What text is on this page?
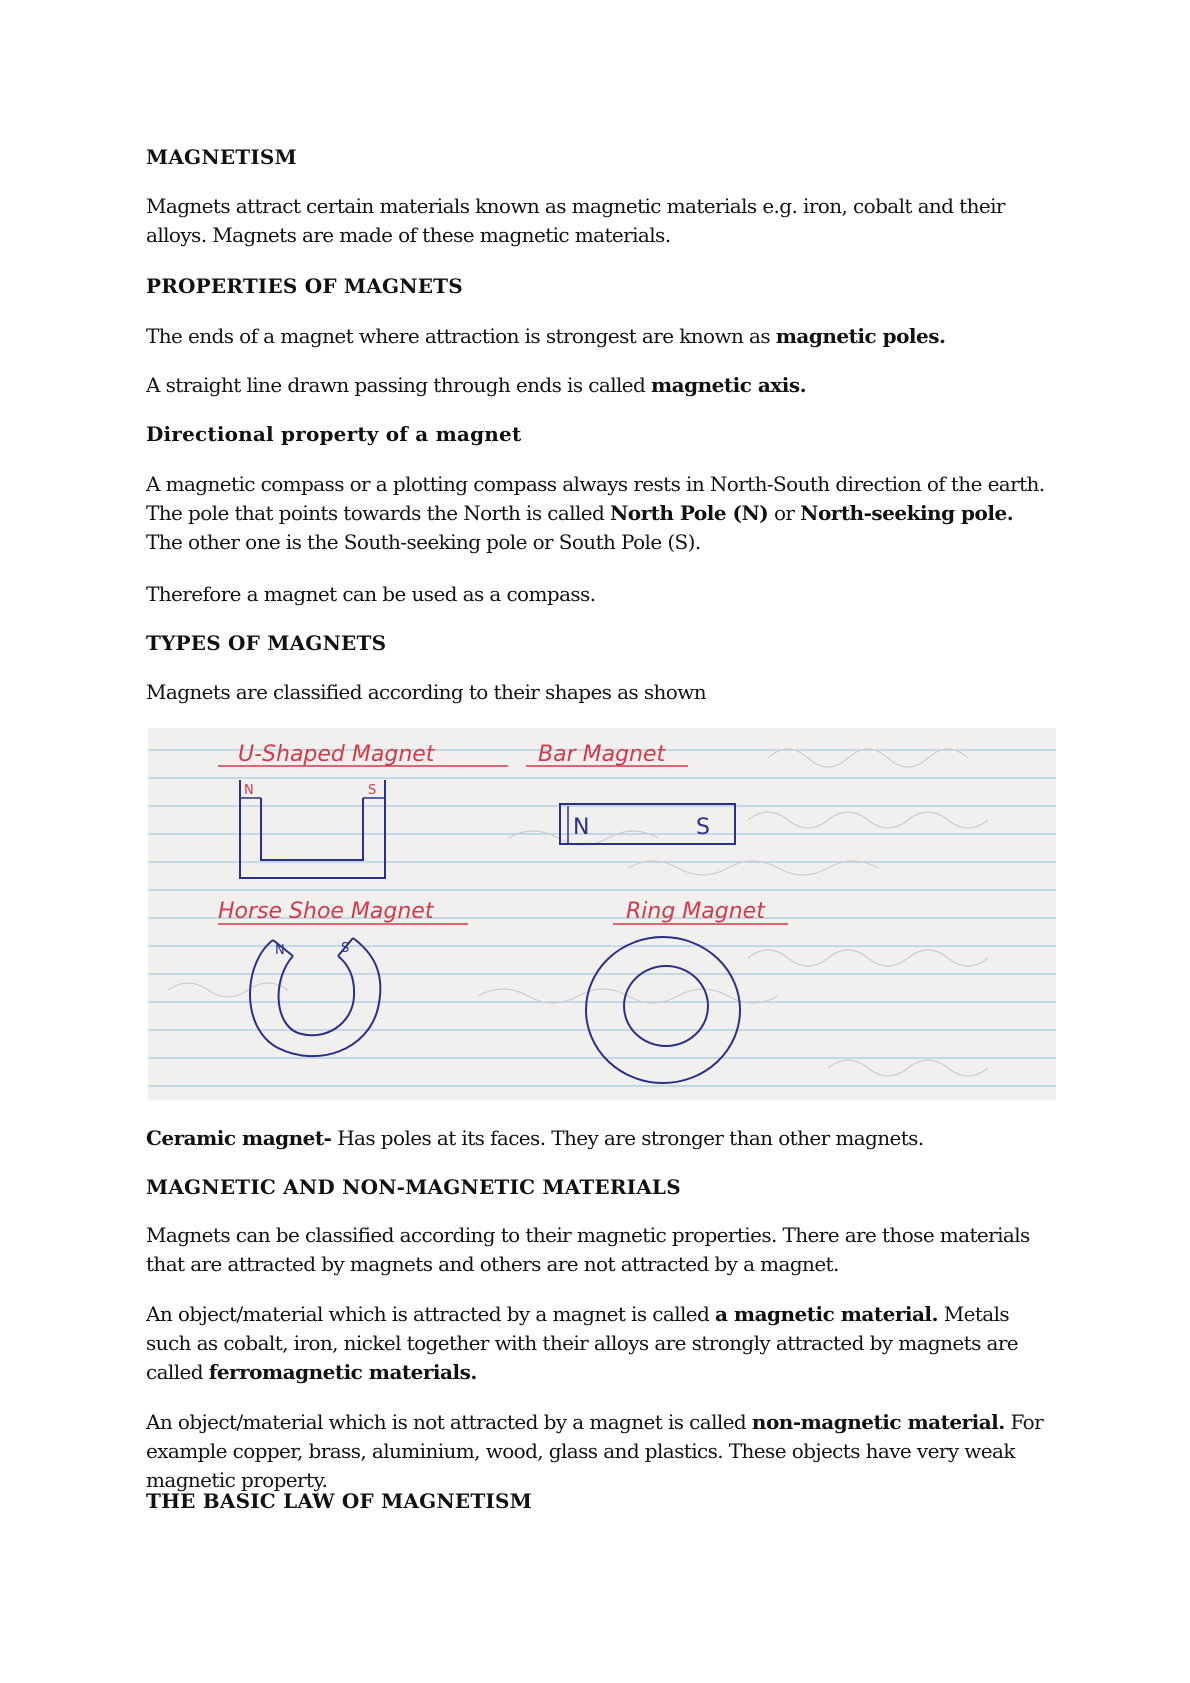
MAGNETISM
Magnets attract certain materials known as magnetic materials e.g. iron, cobalt and their alloys. Magnets are made of these magnetic materials.
PROPERTIES OF MAGNETS
The ends of a magnet where attraction is strongest are known as magnetic poles.
A straight line drawn passing through ends is called magnetic axis.
Directional property of a magnet
A magnetic compass or a plotting compass always rests in North-South direction of the earth. The pole that points towards the North is called North Pole (N) or North-seeking pole. The other one is the South-seeking pole or South Pole (S).
Therefore a magnet can be used as a compass.
TYPES OF MAGNETS
Magnets are classified according to their shapes as shown
U-Shaped Magnet
N	S
Bar Magnet
N	S
Horse Shoe Magnet
N	S
Ring Magnet
Ceramic magnet- Has poles at its faces. They are stronger than other magnets.
MAGNETIC AND NON-MAGNETIC MATERIALS
Magnets can be classified according to their magnetic properties. There are those materials that are attracted by magnets and others are not attracted by a magnet.
An object/material which is attracted by a magnet is called a magnetic material. Metals such as cobalt, iron, nickel together with their alloys are strongly attracted by magnets are called ferromagnetic materials.
An object/material which is not attracted by a magnet is called non-magnetic material. For example copper, brass, aluminium, wood, glass and plastics. These objects have very weak magnetic property.
THE BASIC LAW OF MAGNETISM
